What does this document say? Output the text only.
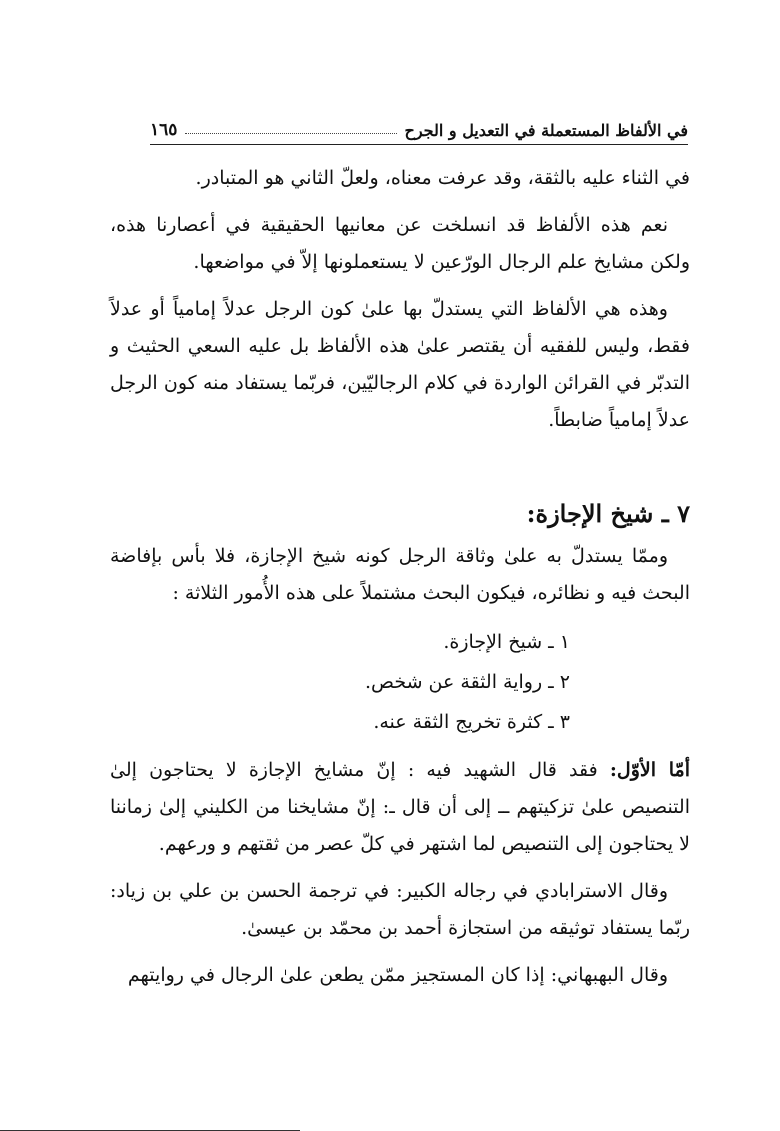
في الألفاظ المستعملة في التعديل و الجرح
١٦٥

في الثناء عليه بالثقة، وقد عرفت معناه، ولعلّ الثاني هو المتبادر.

نعم هذه الألفاظ قد انسلخت عن معانيها الحقيقية في أعصارنا هذه، ولكن مشايخ علم الرجال الورّعين لا يستعملونها إلاّ في مواضعها.

وهذه هي الألفاظ التي يستدلّ بها علىٰ كون الرجل عدلاً إمامياً أو عدلاً فقط، وليس للفقيه أن يقتصر علىٰ هذه الألفاظ بل عليه السعي الحثيث و التدبّر في القرائن الواردة في كلام الرجاليّين، فربّما يستفاد منه كون الرجل عدلاً إمامياً ضابطاً.

٧ ـ شيخ الإجازة:

وممّا يستدلّ به علىٰ وثاقة الرجل كونه شيخ الإجازة، فلا بأس بإفاضة البحث فيه و نظائره، فيكون البحث مشتملاً على هذه الأُمور الثلاثة :

١ ـ شيخ الإجازة.
٢ ـ رواية الثقة عن شخص.
٣ ـ كثرة تخريج الثقة عنه.

أمّا الأوّل: فقد قال الشهيد فيه : إنّ مشايخ الإجازة لا يحتاجون إلىٰ التنصيص علىٰ تزكيتهم ــ إلى أن قال ـ: إنّ مشايخنا من الكليني إلىٰ زماننا لا يحتاجون إلى التنصيص لما اشتهر في كلّ عصر من ثقتهم و ورعهم.

وقال الاسترابادي في رجاله الكبير: في ترجمة الحسن بن علي بن زياد: ربّما يستفاد توثيقه من استجازة أحمد بن محمّد بن عيسىٰ.

وقال البهبهاني: إذا كان المستجيز ممّن يطعن علىٰ الرجال في روايتهم
